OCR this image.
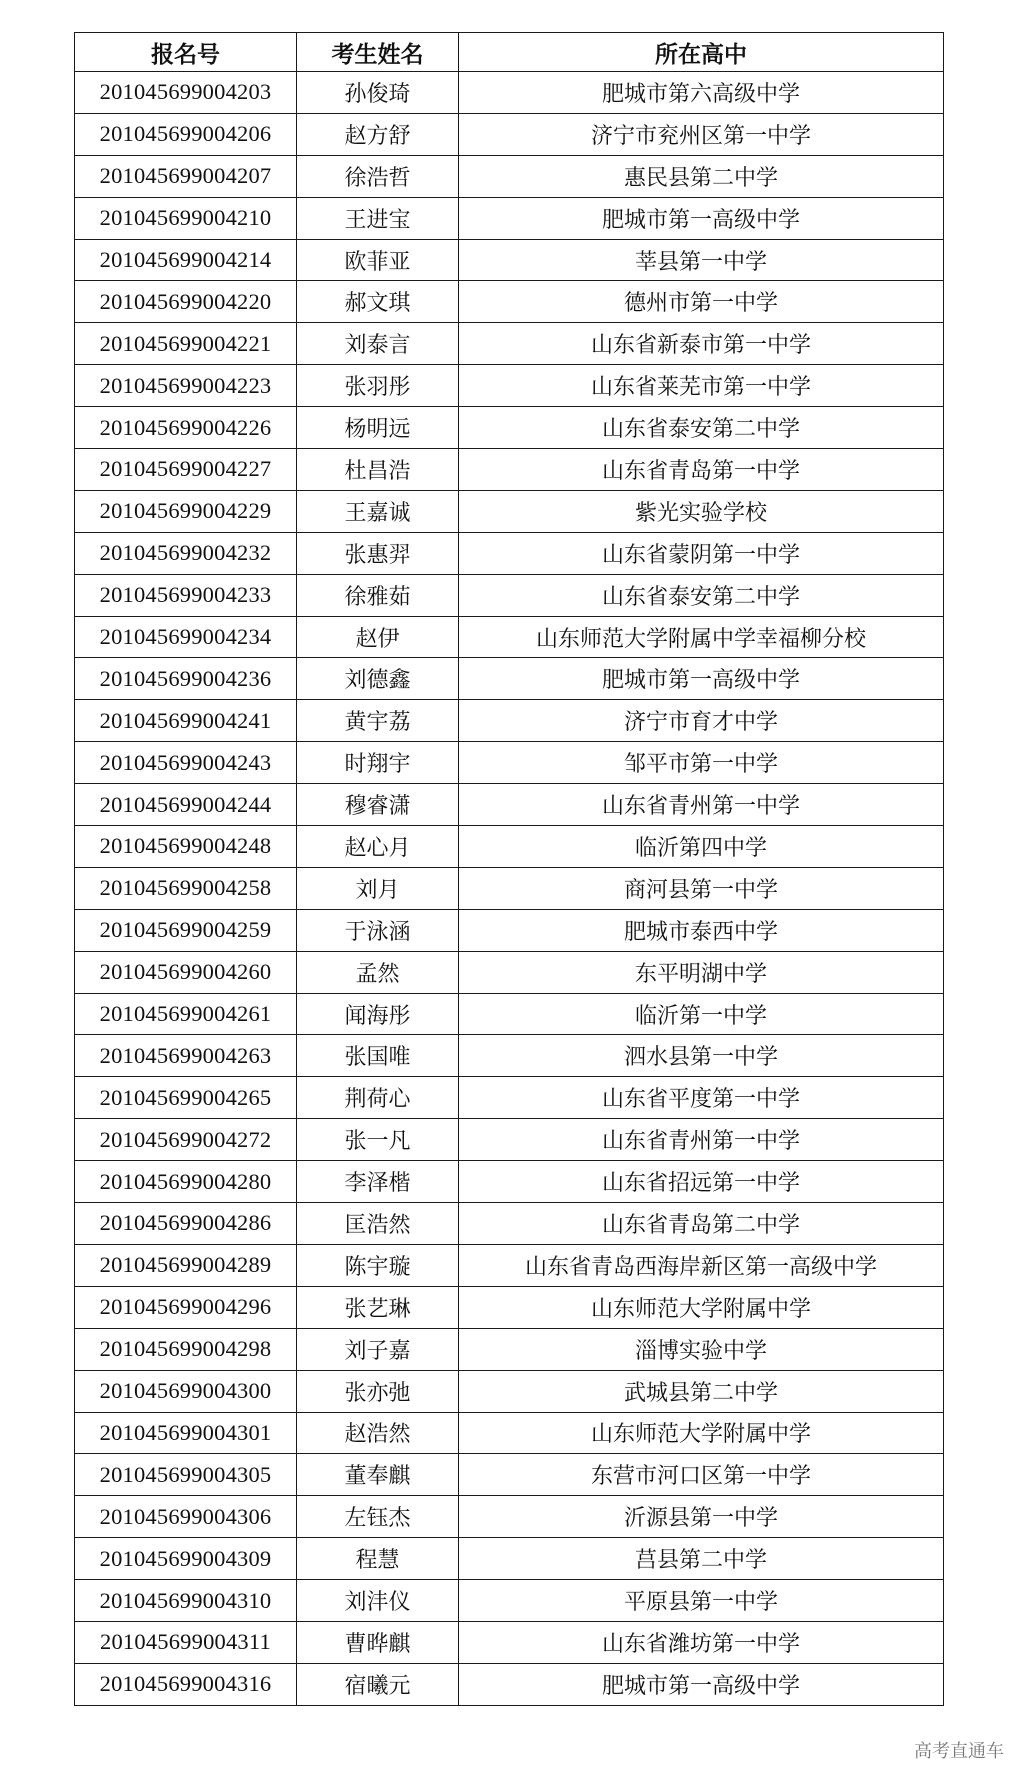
报名号	考生姓名	所在高中
201045699004203	孙俊琦	肥城市第六高级中学
201045699004206	赵方舒	济宁市兖州区第一中学
201045699004207	徐浩哲	惠民县第二中学
201045699004210	王进宝	肥城市第一高级中学
201045699004214	欧菲亚	莘县第一中学
201045699004220	郝文琪	德州市第一中学
201045699004221	刘泰言	山东省新泰市第一中学
201045699004223	张羽彤	山东省莱芜市第一中学
201045699004226	杨明远	山东省泰安第二中学
201045699004227	杜昌浩	山东省青岛第一中学
201045699004229	王嘉诚	紫光实验学校
201045699004232	张惠羿	山东省蒙阴第一中学
201045699004233	徐雅茹	山东省泰安第二中学
201045699004234	赵伊	山东师范大学附属中学幸福柳分校
201045699004236	刘德鑫	肥城市第一高级中学
201045699004241	黄宇荔	济宁市育才中学
201045699004243	时翔宇	邹平市第一中学
201045699004244	穆睿潇	山东省青州第一中学
201045699004248	赵心月	临沂第四中学
201045699004258	刘月	商河县第一中学
201045699004259	于泳涵	肥城市泰西中学
201045699004260	孟然	东平明湖中学
201045699004261	闻海彤	临沂第一中学
201045699004263	张国唯	泗水县第一中学
201045699004265	荆荷心	山东省平度第一中学
201045699004272	张一凡	山东省青州第一中学
201045699004280	李泽楷	山东省招远第一中学
201045699004286	匡浩然	山东省青岛第二中学
201045699004289	陈宇璇	山东省青岛西海岸新区第一高级中学
201045699004296	张艺琳	山东师范大学附属中学
201045699004298	刘子嘉	淄博实验中学
201045699004300	张亦弛	武城县第二中学
201045699004301	赵浩然	山东师范大学附属中学
201045699004305	董奉麒	东营市河口区第一中学
201045699004306	左钰杰	沂源县第一中学
201045699004309	程慧	莒县第二中学
201045699004310	刘沣仪	平原县第一中学
201045699004311	曹晔麒	山东省潍坊第一中学
201045699004316	宿曦元	肥城市第一高级中学
高考直通车
